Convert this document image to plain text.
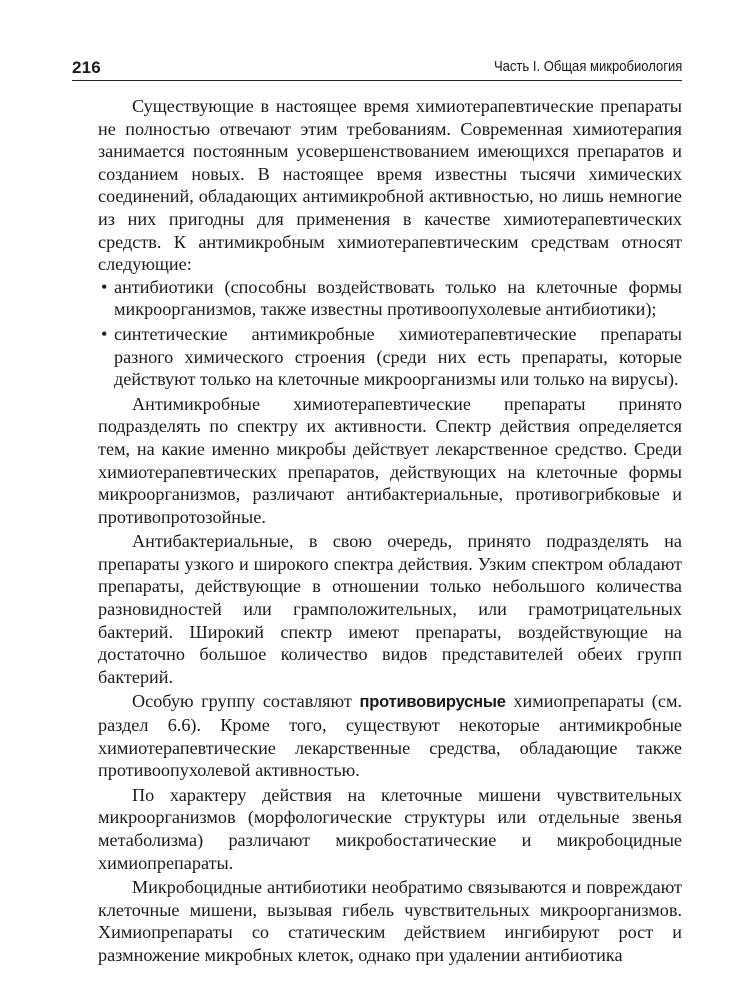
216	Часть I. Общая микробиология

Существующие в настоящее время химиотерапевтические препараты не полностью отвечают этим требованиям. Современная химиотерапия занимается постоянным усовершенствованием имеющихся препаратов и созданием новых. В настоящее время известны тысячи химических соединений, обладающих антимикробной активностью, но лишь немногие из них пригодны для применения в качестве химиотерапевтических средств. К антимикробным химиотерапевтическим средствам относят следующие:

• антибиотики (способны воздействовать только на клеточные формы микроорганизмов, также известны противоопухолевые антибиотики);
• синтетические антимикробные химиотерапевтические препараты разного химического строения (среди них есть препараты, которые действуют только на клеточные микроорганизмы или только на вирусы).

Антимикробные химиотерапевтические препараты принято подразделять по спектру их активности. Спектр действия определяется тем, на какие именно микробы действует лекарственное средство. Среди химиотерапевтических препаратов, действующих на клеточные формы микроорганизмов, различают антибактериальные, противогрибковые и противопротозойные.

Антибактериальные, в свою очередь, принято подразделять на препараты узкого и широкого спектра действия. Узким спектром обладают препараты, действующие в отношении только небольшого количества разновидностей или грамположительных, или грамотрицательных бактерий. Широкий спектр имеют препараты, воздействующие на достаточно большое количество видов представителей обеих групп бактерий.

Особую группу составляют противовирусные химиопрепараты (см. раздел 6.6). Кроме того, существуют некоторые антимикробные химиотерапевтические лекарственные средства, обладающие также противоопухолевой активностью.

По характеру действия на клеточные мишени чувствительных микроорганизмов (морфологические структуры или отдельные звенья метаболизма) различают микробостатические и микробоцидные химиопрепараты.

Микробоцидные антибиотики необратимо связываются и повреждают клеточные мишени, вызывая гибель чувствительных микроорганизмов. Химиопрепараты со статическим действием ингибируют рост и размножение микробных клеток, однако при удалении антибиотика
